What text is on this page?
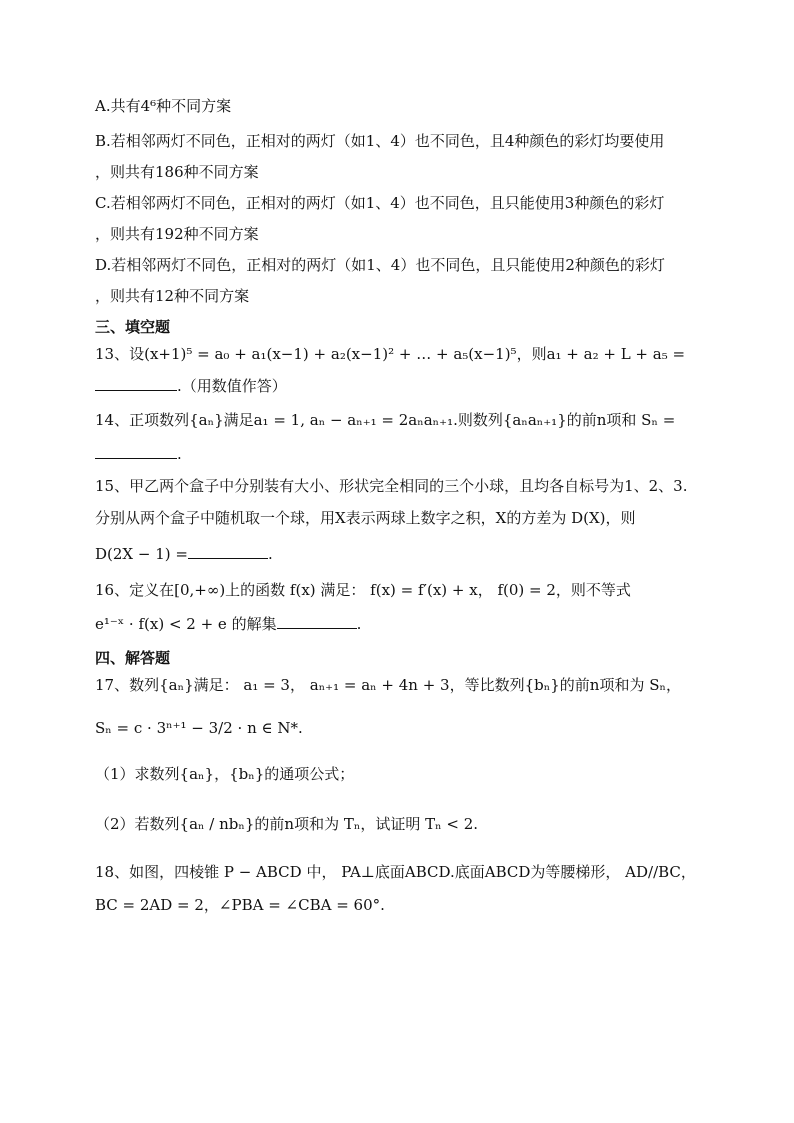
A.共有4⁶种不同方案
B.若相邻两灯不同色，正相对的两灯（如1、4）也不同色，且4种颜色的彩灯均要使用
，则共有186种不同方案
C.若相邻两灯不同色，正相对的两灯（如1、4）也不同色，且只能使用3种颜色的彩灯
，则共有192种不同方案
D.若相邻两灯不同色，正相对的两灯（如1、4）也不同色，且只能使用2种颜色的彩灯
，则共有12种不同方案
三、填空题
13、设(x+1)⁵ = a₀ + a₁(x−1) + a₂(x−1)² + … + a₅(x−1)⁵，则a₁ + a₂ + L + a₅ =
.（用数值作答）
14、正项数列{aₙ}满足a₁ = 1, aₙ − aₙ₊₁ = 2aₙaₙ₊₁.则数列{aₙaₙ₊₁}的前n项和 Sₙ =
.
15、甲乙两个盒子中分别装有大小、形状完全相同的三个小球，且均各自标号为1、2、3.
分别从两个盒子中随机取一个球，用X表示两球上数字之积，X的方差为 D(X)，则
D(2X − 1) =	.
16、定义在[0,+∞)上的函数 f(x) 满足： f(x) = f′(x) + x， f(0) = 2，则不等式
e¹⁻ˣ · f(x) < 2 + e 的解集	.
四、解答题
17、数列{aₙ}满足： a₁ = 3， aₙ₊₁ = aₙ + 4n + 3，等比数列{bₙ}的前n项和为 Sₙ，
Sₙ = c · 3ⁿ⁺¹ − 3/2 · n ∈ N*.
（1）求数列{aₙ}，{bₙ}的通项公式；
（2）若数列{aₙ / nbₙ}的前n项和为 Tₙ，试证明 Tₙ < 2.
18、如图，四棱锥 P − ABCD 中， PA⊥底面ABCD.底面ABCD为等腰梯形， AD//BC，
BC = 2AD = 2，∠PBA = ∠CBA = 60°.
